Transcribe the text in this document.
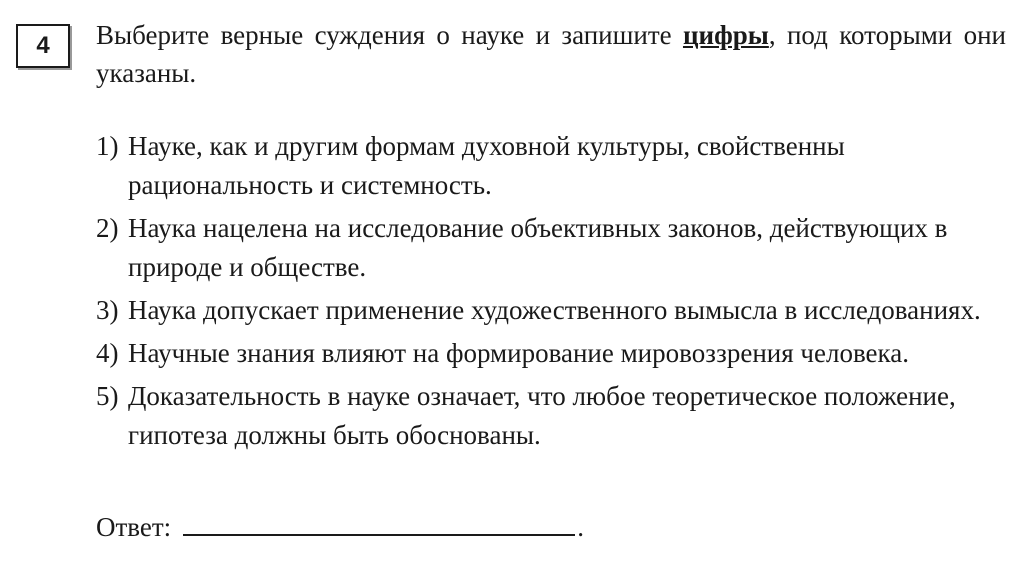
4 Выберите верные суждения о науке и запишите цифры, под которыми они указаны.
1) Науке, как и другим формам духовной культуры, свойственны рациональность и системность.
2) Наука нацелена на исследование объективных законов, действующих в природе и обществе.
3) Наука допускает применение художественного вымысла в исследованиях.
4) Научные знания влияют на формирование мировоззрения человека.
5) Доказательность в науке означает, что любое теоретическое положение, гипотеза должны быть обоснованы.
Ответ:	.
